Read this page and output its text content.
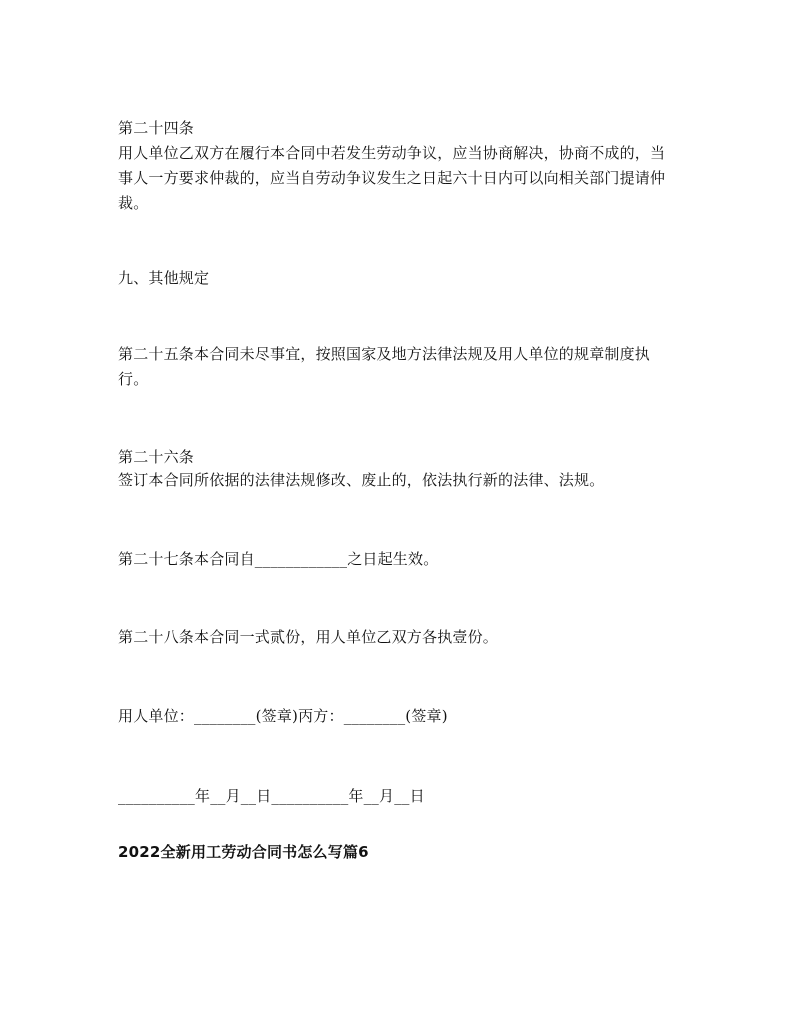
第二十四条
用人单位乙双方在履行本合同中若发生劳动争议，应当协商解决，协商不成的，当
事人一方要求仲裁的，应当自劳动争议发生之日起六十日内可以向相关部门提请仲
裁。
九、其他规定
第二十五条本合同未尽事宜，按照国家及地方法律法规及用人单位的规章制度执
行。
第二十六条
签订本合同所依据的法律法规修改、废止的，依法执行新的法律、法规。
第二十七条本合同自____________之日起生效。
第二十八条本合同一式贰份，用人单位乙双方各执壹份。
用人单位：________(签章)丙方：________(签章)
__________年__月__日__________年__月__日
2022全新用工劳动合同书怎么写篇6
